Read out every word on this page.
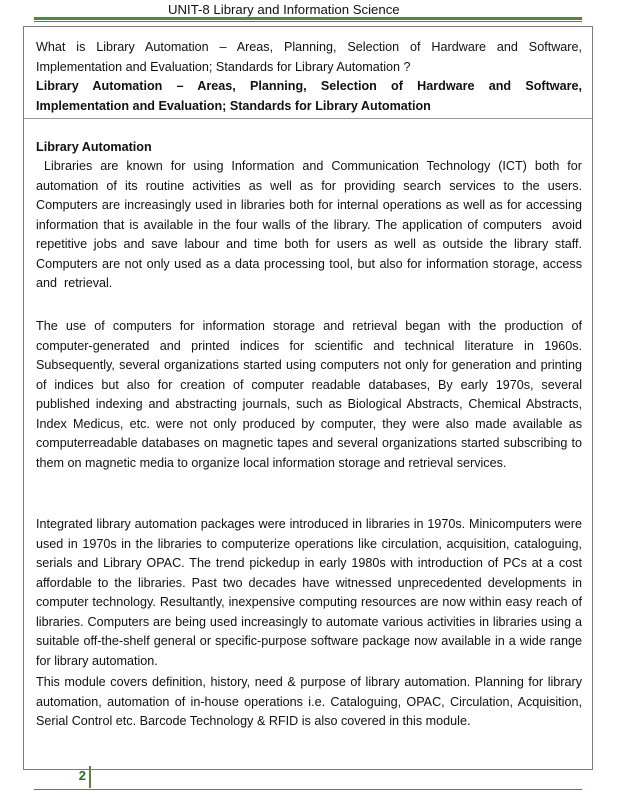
UNIT-8 Library and Information Science
What is Library Automation – Areas, Planning, Selection of Hardware and Software, Implementation and Evaluation; Standards for Library Automation ?
Library Automation – Areas, Planning, Selection of Hardware and Software, Implementation and Evaluation; Standards for Library Automation
Library Automation
Libraries are known for using Information and Communication Technology (ICT) both for automation of its routine activities as well as for providing search services to the users. Computers are increasingly used in libraries both for internal operations as well as for accessing information that is available in the four walls of the library. The application of computers  avoid  repetitive jobs and save labour and time both for users as well as outside the library staff. Computers are not only used as a data processing tool, but also for information storage, access and  retrieval.
The use of computers for information storage and retrieval began with the production of computer-generated and printed indices for scientific and technical literature in 1960s. Subsequently, several organizations started using computers not only for generation and printing of indices but also for creation of computer readable databases, By early 1970s, several published indexing and abstracting journals, such as Biological Abstracts, Chemical Abstracts, Index Medicus, etc. were not only produced by computer, they were also made available as computerreadable databases on magnetic tapes and several organizations started subscribing to them on magnetic media to organize local information storage and retrieval services.
Integrated library automation packages were introduced in libraries in 1970s. Minicomputers were used in 1970s in the libraries to computerize operations like circulation, acquisition, cataloguing, serials and Library OPAC. The trend pickedup in early 1980s with introduction of PCs at a cost affordable to the libraries. Past two decades have witnessed unprecedented developments in computer technology. Resultantly, inexpensive computing resources are now within easy reach of libraries. Computers are being used increasingly to automate various activities in libraries using a suitable off-the-shelf general or specific-purpose software package now available in a wide range for library automation.
This module covers definition, history, need & purpose of library automation. Planning for library automation, automation of in-house operations i.e. Cataloguing, OPAC, Circulation, Acquisition, Serial Control etc. Barcode Technology & RFID is also covered in this module.
2
